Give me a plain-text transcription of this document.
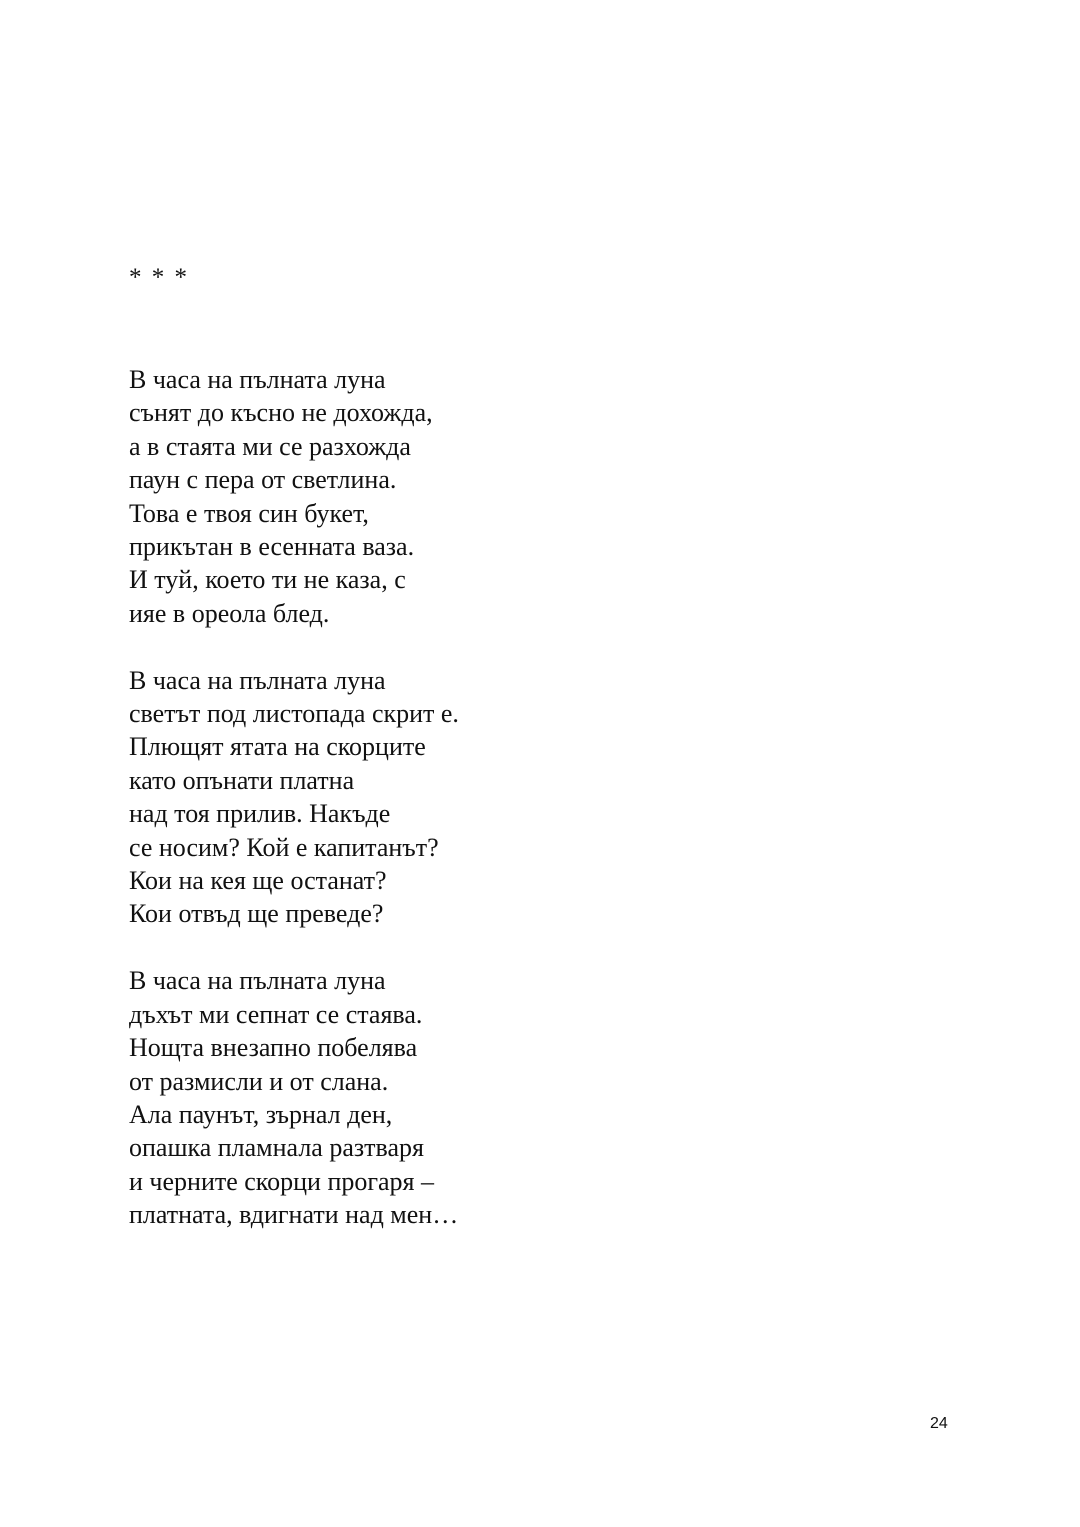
* * *
В часа на пълната луна
сънят до късно не дохожда,
а в стаята ми се разхожда
паун с пера от светлина.
Това е твоя син букет,
прикътан в есенната ваза.
И туй, което ти не каза, с
ияе в ореола блед.
В часа на пълната луна
светът под листопада скрит е.
Плющят ятата на скорците
като опънати платна
над тоя прилив. Накъде
се носим? Кой е капитанът?
Кои на кея ще останат?
Кои отвъд ще преведе?
В часа на пълната луна
дъхът ми сепнат се стаява.
Нощта внезапно побелява
от размисли и от слана.
Ала паунът, зърнал ден,
опашка пламнала разтваря
и черните скорци прогаря –
платната, вдигнати над мен…
24
